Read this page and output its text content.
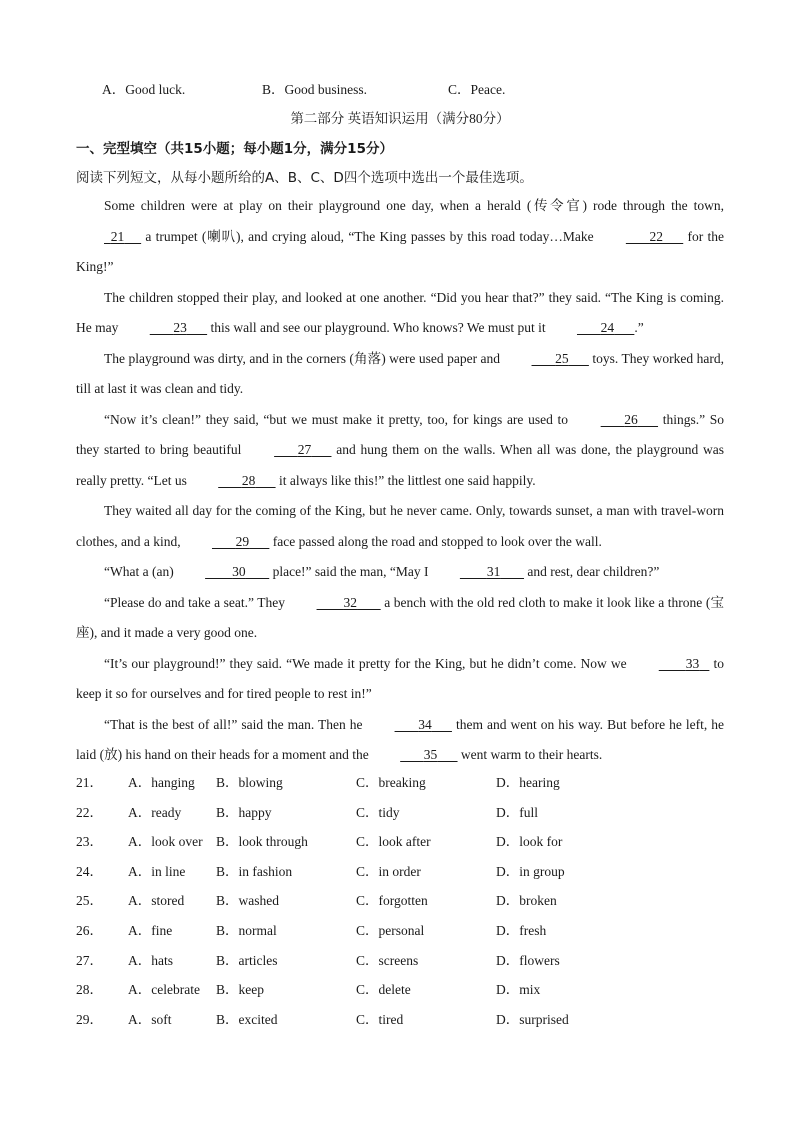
A．Good luck.	B．Good business.	C．Peace.
第二部分 英语知识运用（满分80分）
一、完型填空（共15小题；每小题1分，满分15分）
阅读下列短文，从每小题所给的A、B、C、D四个选项中选出一个最佳选项。

Some children were at play on their playground one day, when a herald (传令官) rode through the town,   21      a trumpet (喇叭), and crying aloud, “The King passes by this road today…Make	22       for the King!”

The children stopped their play, and looked at one another. “Did you hear that?” they said. “The King is coming. He may	23       this wall and see our playground. Who knows? We must put it	24 .”

The playground was dirty, and in the corners (角落) were used paper and	25       toys. They worked hard, till at last it was clean and tidy.

“Now it’s clean!” they said, “but we must make it pretty, too, for kings are used to	26       things.” So they started to bring beautiful	27       and hung them on the walls. When all was done, the playground was really pretty. “Let us	28       it always like this!” the littlest one said happily.

They waited all day for the coming of the King, but he never came. Only, towards sunset, a man with travel-worn clothes, and a kind,	29       face passed along the road and stopped to look over the wall.

“What a (an)	30        place!” said the man, “May I	31        and rest, dear children?”

“Please do and take a seat.” They	32        a bench with the old red cloth to make it look like a throne (宝座), and it made a very good one.

“It’s our playground!” they said. “We made it pretty for the King, but he didn’t come. Now we	33    to keep it so for ourselves and for tired people to rest in!”

“That is the best of all!” said the man. Then he	34       them and went on his way. But before he left, he laid (放) his hand on their heads for a moment and the	35       went warm to their hearts.

21． A．hanging B．blowing	C．breaking	D．hearing
22． A．ready	B．happy	C．tidy	D．full
23． A．look over B．look through	C．look after	D．look for
24． A．in line B．in fashion	C．in order	D．in group
25． A．stored B．washed	C．forgotten	D．broken
26． A．fine	B．normal	C．personal	D．fresh
27． A．hats	B．articles	C．screens	D．flowers
28． A．celebrate B．keep	C．delete	D．mix
29． A．soft	B．excited	C．tired	D．surprised
